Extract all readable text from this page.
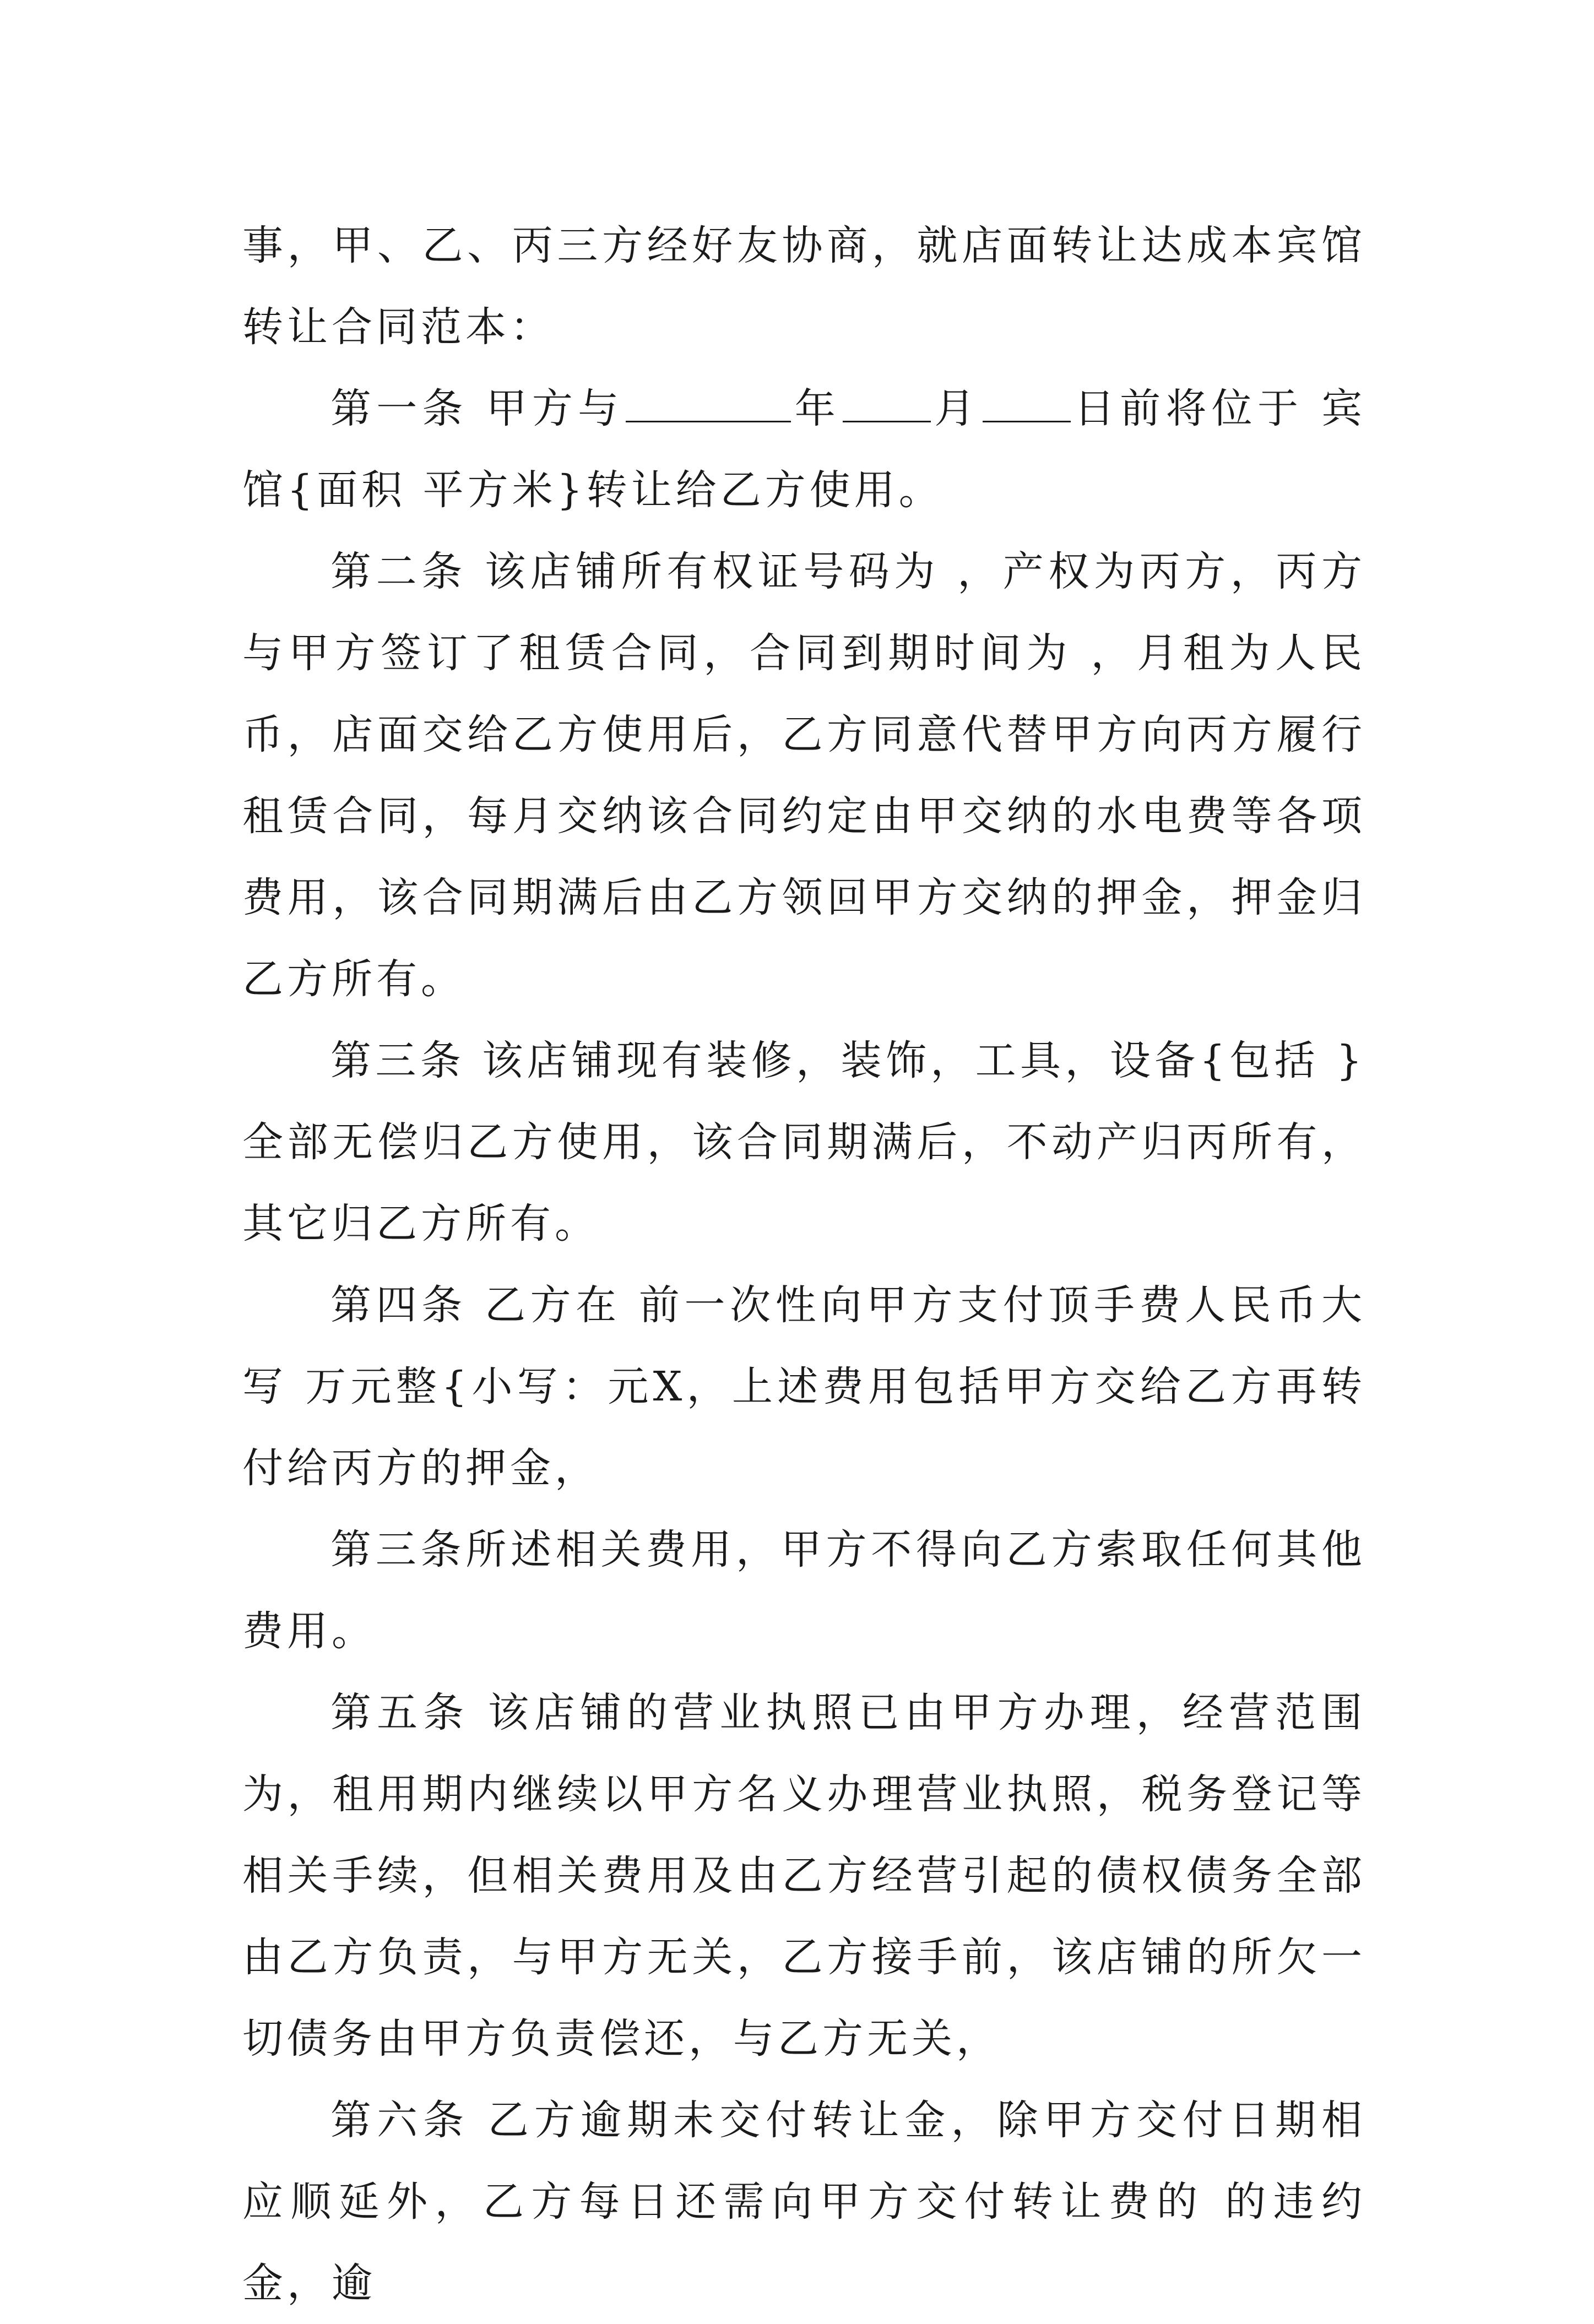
事，甲、乙、丙三方经好友协商，就店面转让达成本宾馆转让合同范本：

第一条 甲方与	年 月 日前将位于 宾馆{面积 平方米}转让给乙方使用。

第二条 该店铺所有权证号码为 ，产权为丙方，丙方与甲方签订了租赁合同，合同到期时间为 ，月租为人民币，店面交给乙方使用后，乙方同意代替甲方向丙方履行租赁合同，每月交纳该合同约定由甲交纳的水电费等各项费用，该合同期满后由乙方领回甲方交纳的押金，押金归乙方所有。

第三条 该店铺现有装修，装饰，工具，设备{包括 }全部无偿归乙方使用，该合同期满后，不动产归丙所有，其它归乙方所有。

第四条 乙方在 前一次性向甲方支付顶手费人民币大写 万元整{小写：元X，上述费用包括甲方交给乙方再转付给丙方的押金，

第三条所述相关费用，甲方不得向乙方索取任何其他费用。

第五条 该店铺的营业执照已由甲方办理，经营范围为，租用期内继续以甲方名义办理营业执照，税务登记等相关手续，但相关费用及由乙方经营引起的债权债务全部由乙方负责，与甲方无关，乙方接手前，该店铺的所欠一切债务由甲方负责偿还，与乙方无关，

第六条 乙方逾期未交付转让金，除甲方交付日期相应顺延外，乙方每日还需向甲方交付转让费的 的违约金，逾
